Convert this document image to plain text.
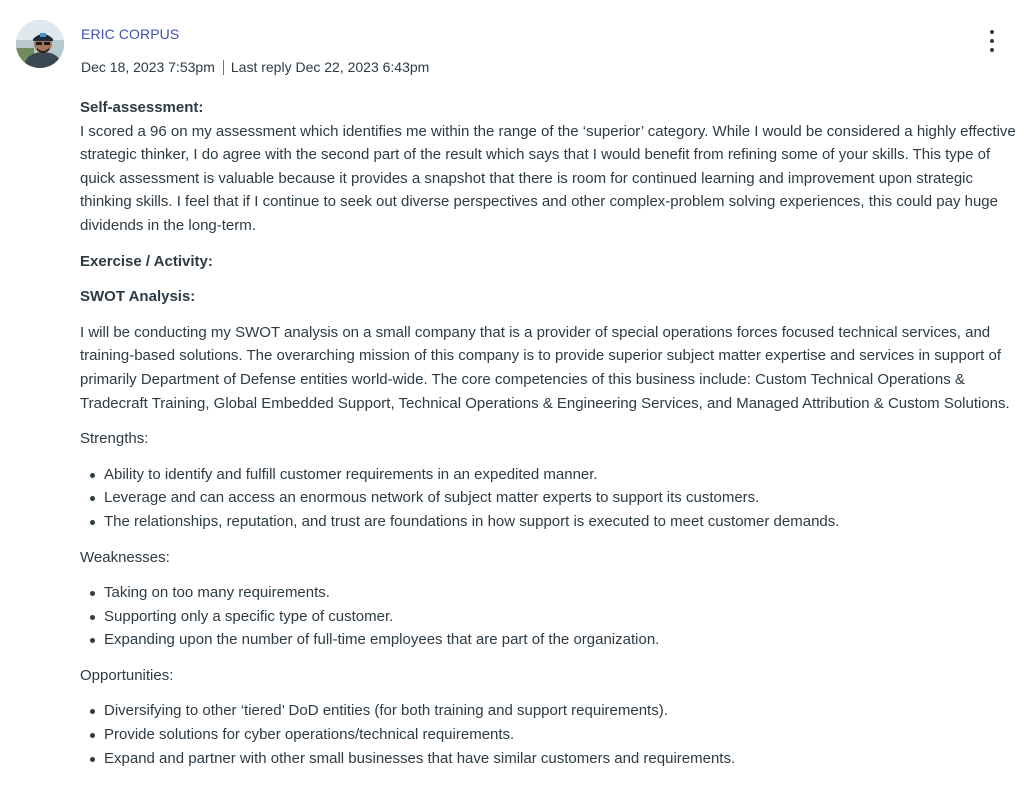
ERIC CORPUS
Dec 18, 2023 7:53pm Last reply Dec 22, 2023 6:43pm

Self-assessment:

I scored a 96 on my assessment which identifies me within the range of the ‘superior’ category. While I would be considered a highly effective strategic thinker, I do agree with the second part of the result which says that I would benefit from refining some of your skills. This type of quick assessment is valuable because it provides a snapshot that there is room for continued learning and improvement upon strategic thinking skills. I feel that if I continue to seek out diverse perspectives and other complex-problem solving experiences, this could pay huge dividends in the long-term.

Exercise / Activity:

SWOT Analysis:

I will be conducting my SWOT analysis on a small company that is a provider of special operations forces focused technical services, and training-based solutions. The overarching mission of this company is to provide superior subject matter expertise and services in support of primarily Department of Defense entities world-wide. The core competencies of this business include: Custom Technical Operations & Tradecraft Training, Global Embedded Support, Technical Operations & Engineering Services, and Managed Attribution & Custom Solutions.

Strengths:

Ability to identify and fulfill customer requirements in an expedited manner.
Leverage and can access an enormous network of subject matter experts to support its customers.
The relationships, reputation, and trust are foundations in how support is executed to meet customer demands.

Weaknesses:

Taking on too many requirements.
Supporting only a specific type of customer.
Expanding upon the number of full-time employees that are part of the organization.

Opportunities:

Diversifying to other ‘tiered’ DoD entities (for both training and support requirements).
Provide solutions for cyber operations/technical requirements.
Expand and partner with other small businesses that have similar customers and requirements.
